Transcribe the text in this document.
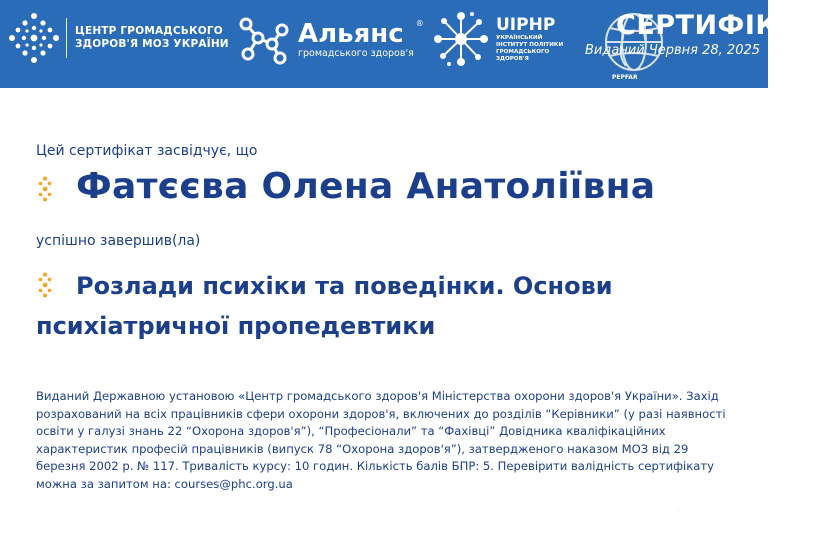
ЦЕНТР ГРОМАДСЬКОГО
ЗДОРОВ'Я МОЗ УКРАЇНИ	Альянс
громадського здоров'я
®	UIPHP
УКРАЇНСЬКИЙ ІНСТИТУТ ПОЛІТИКИ ГРОМАДСЬКОГО ЗДОРОВ'Я
PEPFAR
СЕРТИФІКАТ
Виданий Червня 28, 2025
Цей сертифікат засвідчує, що
Фатєєва Олена Анатоліївна
успішно завершив(ла)
Розлади психіки та поведінки. Основи психіатричної пропедевтики
Виданий Державною установою «Центр громадського здоров'я Міністерства охорони здоров'я України». Захід розрахований на всіх працівників сфери охорони здоров'я, включених до розділів “Керівники” (у разі наявності освіти у галузі знань 22 “Охорона здоров'я”), “Професіонали” та “Фахівці” Довідника кваліфікаційних характеристик професій працівників (випуск 78 “Охорона здоров'я”), затвердженого наказом МОЗ від 29 березня 2002 р. № 117. Тривалість курсу: 10 годин. Кількість балів БПР: 5. Перевірити валідність сертифікату можна за запитом на: courses@phc.org.ua
.
